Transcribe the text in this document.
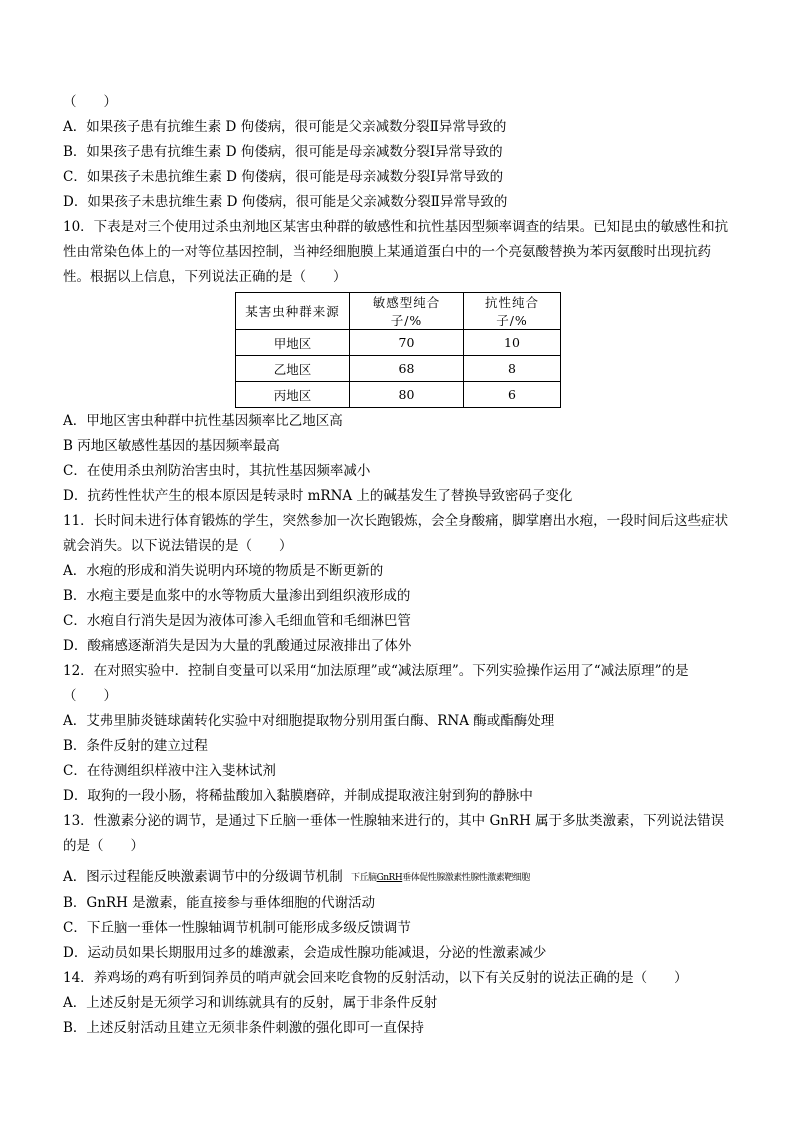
（　　）
A．如果孩子患有抗维生素 D 佝偻病，很可能是父亲减数分裂Ⅱ异常导致的
B．如果孩子患有抗维生素 D 佝偻病，很可能是母亲减数分裂Ⅰ异常导致的
C．如果孩子未患抗维生素 D 佝偻病，很可能是母亲减数分裂Ⅰ异常导致的
D．如果孩子未患抗维生素 D 佝偻病，很可能是父亲减数分裂Ⅱ异常导致的
10．下表是对三个使用过杀虫剂地区某害虫种群的敏感性和抗性基因型频率调查的结果。已知昆虫的敏感性和抗性由常染色体上的一对等位基因控制，当神经细胞膜上某通道蛋白中的一个亮氨酸替换为苯丙氨酸时出现抗药性。根据以上信息，下列说法正确的是（　　）
某害虫种群来源	敏感型纯合子/%	抗性纯合子/%
甲地区	70	10
乙地区	68	8
丙地区	80	6
A．甲地区害虫种群中抗性基因频率比乙地区高
B 丙地区敏感性基因的基因频率最高
C．在使用杀虫剂防治害虫时，其抗性基因频率减小
D．抗药性性状产生的根本原因是转录时 mRNA 上的碱基发生了替换导致密码子变化
11．长时间未进行体育锻炼的学生，突然参加一次长跑锻炼，会全身酸痛，脚掌磨出水疱，一段时间后这些症状就会消失。以下说法错误的是（　　）
A．水疱的形成和消失说明内环境的物质是不断更新的
B．水疱主要是血浆中的水等物质大量渗出到组织液形成的
C．水疱自行消失是因为液体可渗入毛细血管和毛细淋巴管
D．酸痛感逐渐消失是因为大量的乳酸通过尿液排出了体外
12．在对照实验中．控制自变量可以采用“加法原理”或“减法原理”。下列实验操作运用了“减法原理”的是（　　）
A．艾弗里肺炎链球菌转化实验中对细胞提取物分别用蛋白酶、RNA 酶或酯酶处理
B．条件反射的建立过程
C．在待测组织样液中注入斐林试剂
D．取狗的一段小肠，将稀盐酸加入黏膜磨碎，并制成提取液注射到狗的静脉中
13．性激素分泌的调节，是通过下丘脑一垂体一性腺轴来进行的，其中 GnRH 属于多肽类激素，下列说法错误的是（　　）
A．图示过程能反映激素调节中的分级调节机制 下丘脑GnRH垂体促性腺激素性腺性激素靶细胞
B．GnRH 是激素，能直接参与垂体细胞的代谢活动
C．下丘脑一垂体一性腺轴调节机制可能形成多级反馈调节
D．运动员如果长期服用过多的雄激素，会造成性腺功能减退，分泌的性激素减少
14．养鸡场的鸡有听到饲养员的哨声就会回来吃食物的反射活动，以下有关反射的说法正确的是（　　）
A．上述反射是无须学习和训练就具有的反射，属于非条件反射
B．上述反射活动且建立无须非条件刺激的强化即可一直保持
